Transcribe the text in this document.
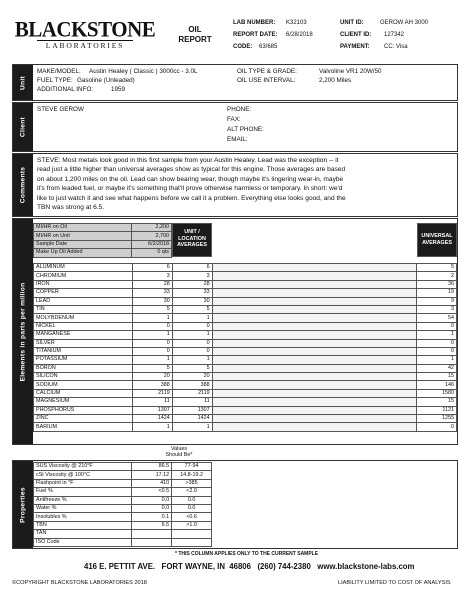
BLACKSTONE
LABORATORIES
OIL
REPORT
LAB NUMBER: K32103
REPORT DATE: 6/28/2018
CODE: 63/685
UNIT ID:	GEROW AH 3000
CLIENT ID: 127342
PAYMENT: CC: Visa
Unit
MAKE/MODEL: Austin Healey ( Classic ) 3000cc - 3.0L
FUEL TYPE: Gasoline (Unleaded)
ADDITIONAL INFO:	1959
OIL TYPE & GRADE:	Valvoline VR1 20W/50
OIL USE INTERVAL:	2,200 Miles
Client
STEVE GEROW	PHONE:
FAX:
ALT PHONE:
EMAIL:
Comments
STEVE: Most metals look good in this first sample from your Austin Healey. Lead was the exception -- it
read just a little higher than universal averages show as typical for this engine. Those averages are based
on about 1,200 miles on the oil. Lead can show bearing wear, though maybe it's lingering wear-in, maybe
it's from leaded fuel, or maybe it's something that'll prove otherwise harmless or temporary. In short: we'd
like to just watch it and see what happens before we call it a problem. Everything else looks good, and the
TBN was strong at 6.5.
Elements in parts per million
MI/HR on Oil	2,200
MI/HR on Unit	2,700
Sample Date	6/2/2018
Make Up Oil Added	0 qts
UNIT /
LOCATION
AVERAGES
UNIVERSAL
AVERAGES
ALUMINUM	6	6		5
CHROMIUM	3	3		2
IRON	28	28		36
COPPER	33	33		19
LEAD	30	30		9
TIN	5	5		3
MOLYBDENUM	1	1		54
NICKEL	0	0		0
MANGANESE	1	1		1
SILVER	0	0		0
TITANIUM	0	0		0
POTASSIUM	1	1		1
BORON	5	5		42
SILICON	20	20		15
SODIUM	388	388		146
CALCIUM	2119	2119		1580
MAGNESIUM	11	11		15
PHOSPHORUS	1307	1307		1121
ZINC	1424	1424		1255
BARIUM	1	1		0
Values
Should Be*
Properties
SUS Viscosity @ 210°F	86.5	77-94
cSt Viscosity @ 100°C	17.12	14.8-19.2
Flashpoint in °F	410	>385
Fuel %	<0.5	<2.0
Antifreeze %	0.0	0.0
Water %	0.0	0.0
Insolubles %	0.1	<0.6
TBN	6.5	>1.0
TAN		
ISO Code		
* THIS COLUMN APPLIES ONLY TO THE CURRENT SAMPLE
416 E. PETTIT AVE.   FORT WAYNE, IN  46806   (260) 744-2380   www.blackstone-labs.com
©COPYRIGHT BLACKSTONE LABORATORIES 2018	LIABILITY LIMITED TO COST OF ANALYSIS
